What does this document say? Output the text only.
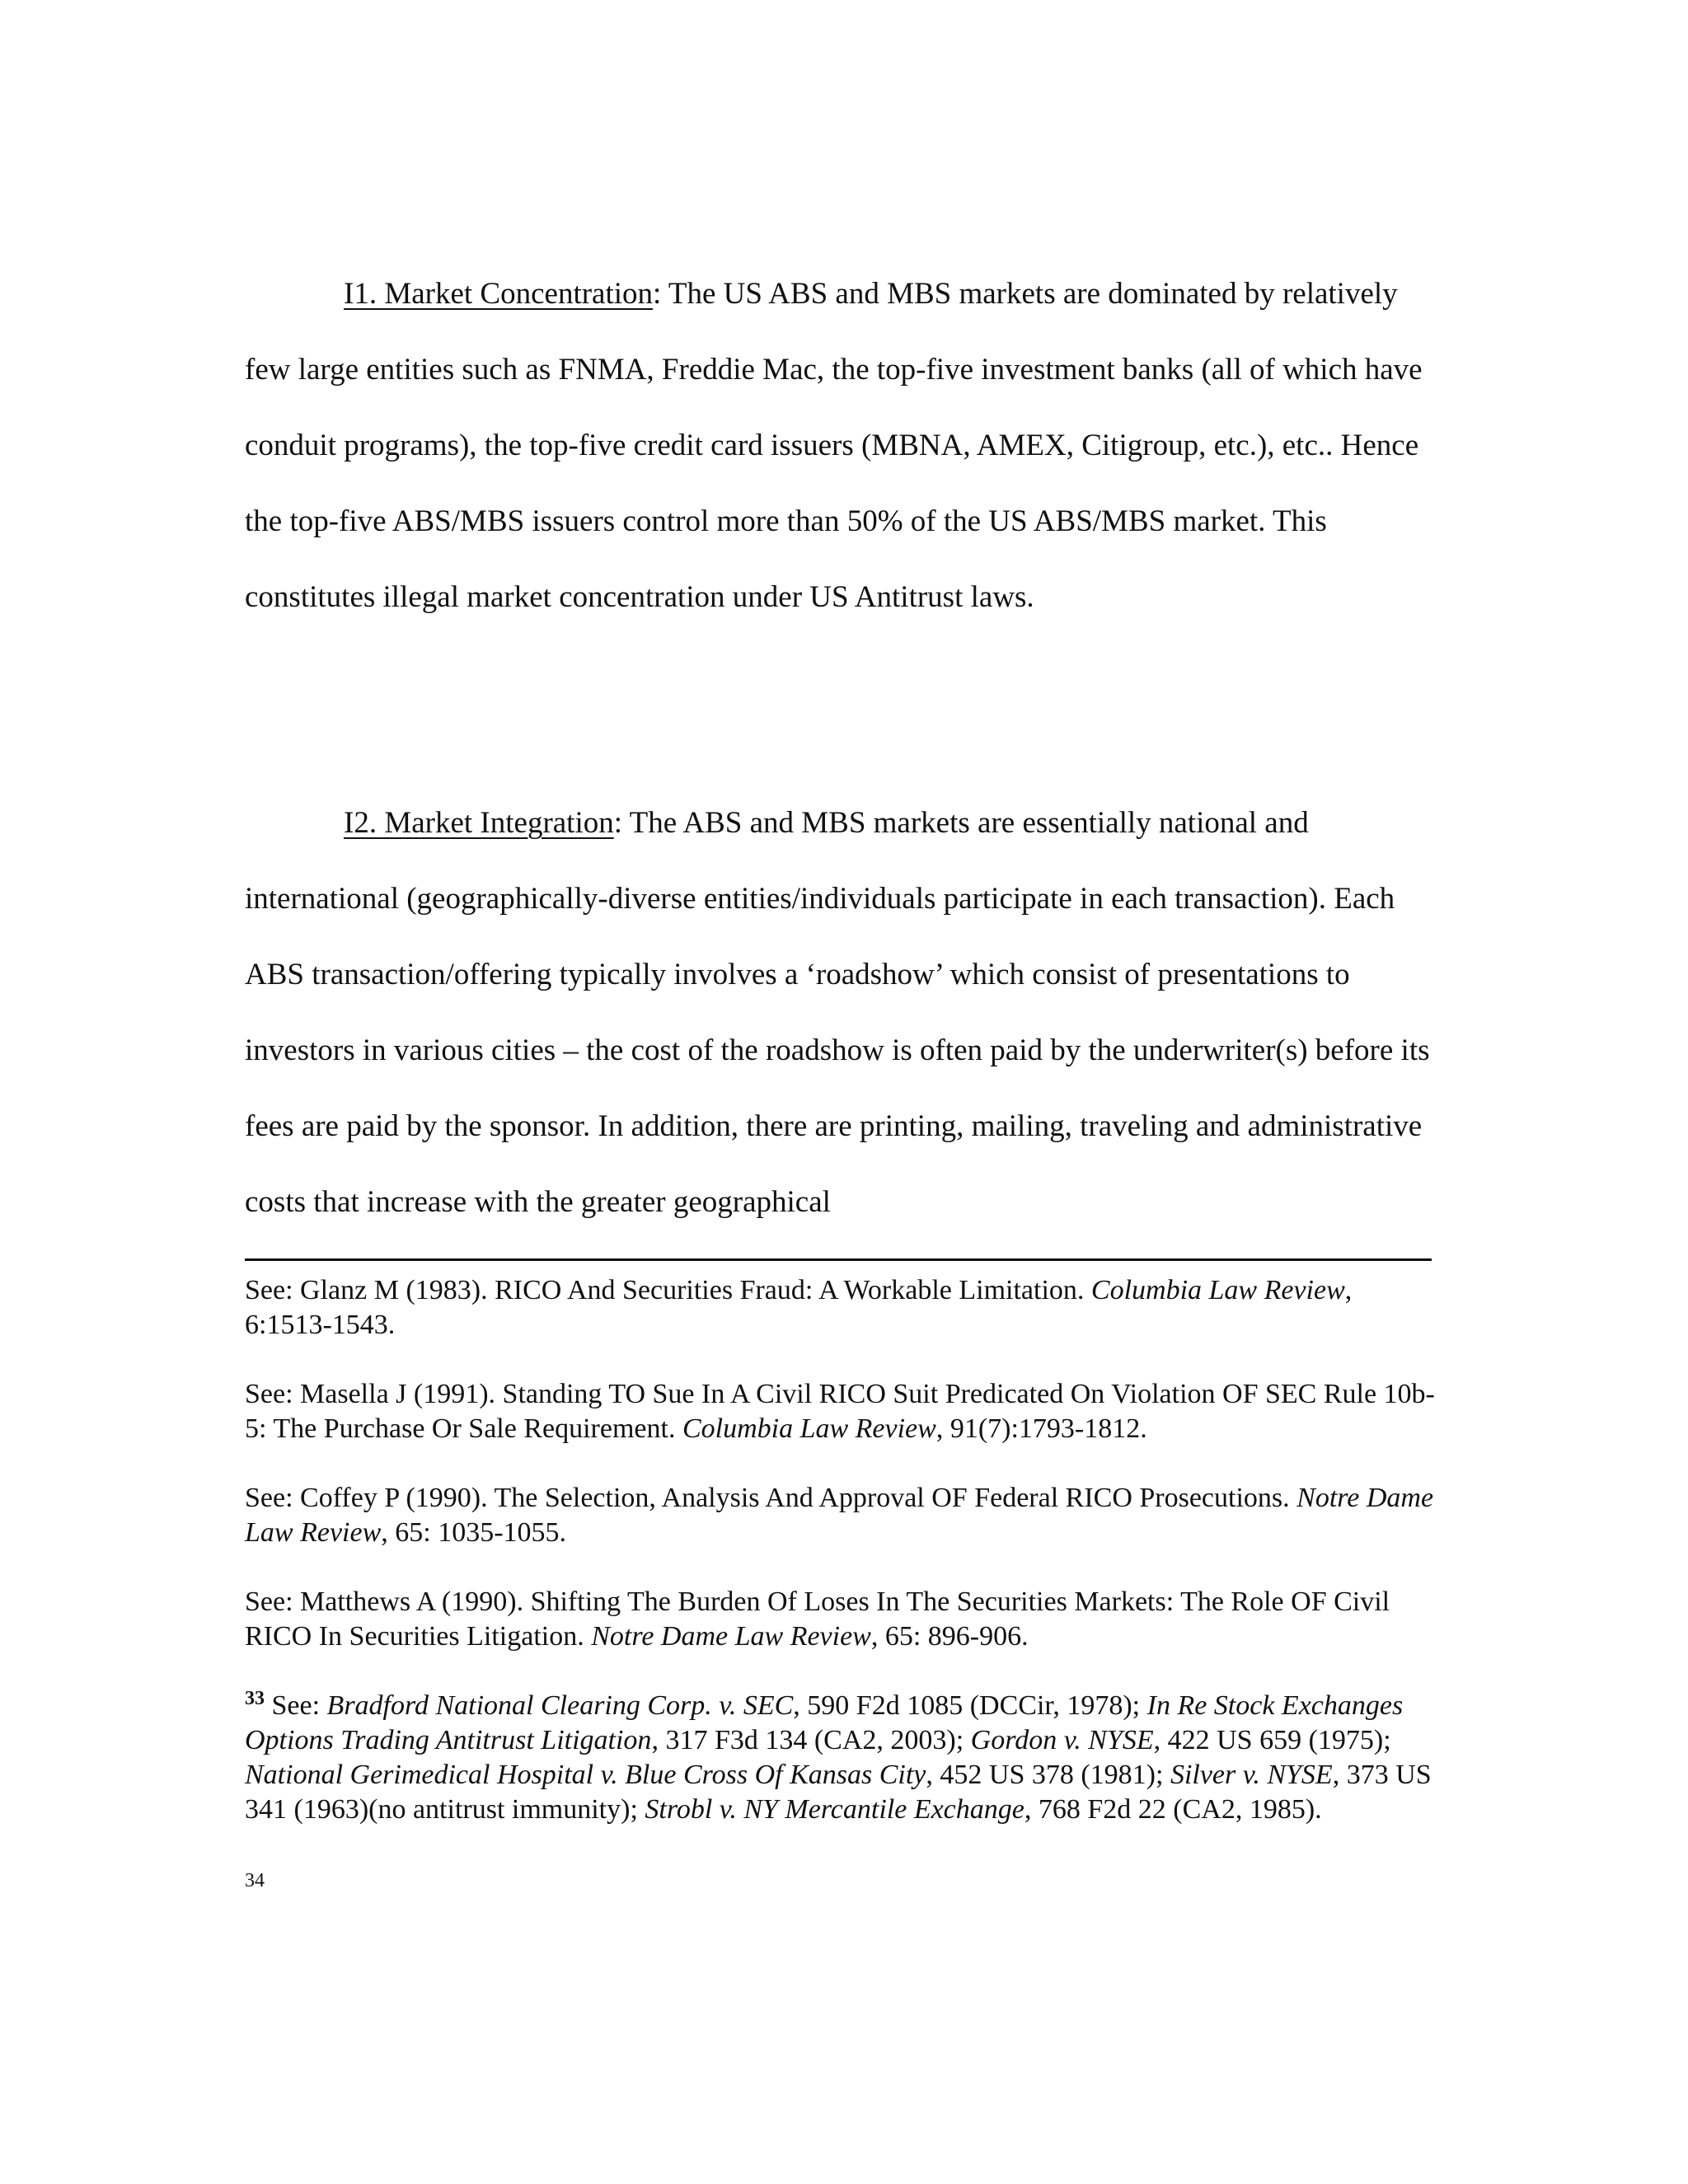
I1. Market Concentration: The US ABS and MBS markets are dominated by relatively few large entities such as FNMA, Freddie Mac, the top-five investment banks (all of which have conduit programs), the top-five credit card issuers (MBNA, AMEX, Citigroup, etc.), etc.. Hence the top-five ABS/MBS issuers control more than 50% of the US ABS/MBS market. This constitutes illegal market concentration under US Antitrust laws.

I2. Market Integration: The ABS and MBS markets are essentially national and international (geographically-diverse entities/individuals participate in each transaction). Each ABS transaction/offering typically involves a ‘roadshow’ which consist of presentations to investors in various cities – the cost of the roadshow is often paid by the underwriter(s) before its fees are paid by the sponsor. In addition, there are printing, mailing, traveling and administrative costs that increase with the greater geographical

See: Glanz M (1983). RICO And Securities Fraud: A Workable Limitation. Columbia Law Review, 6:1513-1543.

See: Masella J (1991). Standing TO Sue In A Civil RICO Suit Predicated On Violation OF SEC Rule 10b-5: The Purchase Or Sale Requirement. Columbia Law Review, 91(7):1793-1812.

See: Coffey P (1990). The Selection, Analysis And Approval OF Federal RICO Prosecutions. Notre Dame Law Review, 65: 1035-1055.

See: Matthews A (1990). Shifting The Burden Of Loses In The Securities Markets: The Role OF Civil RICO In Securities Litigation. Notre Dame Law Review, 65: 896-906.

$^{33}$ See: Bradford National Clearing Corp. v. SEC, 590 F2d 1085 (DCCir, 1978); In Re Stock Exchanges Options Trading Antitrust Litigation, 317 F3d 134 (CA2, 2003); Gordon v. NYSE, 422 US 659 (1975); National Gerimedical Hospital v. Blue Cross Of Kansas City, 452 US 378 (1981); Silver v. NYSE, 373 US 341 (1963)(no antitrust immunity); Strobl v. NY Mercantile Exchange, 768 F2d 22 (CA2, 1985).

34
